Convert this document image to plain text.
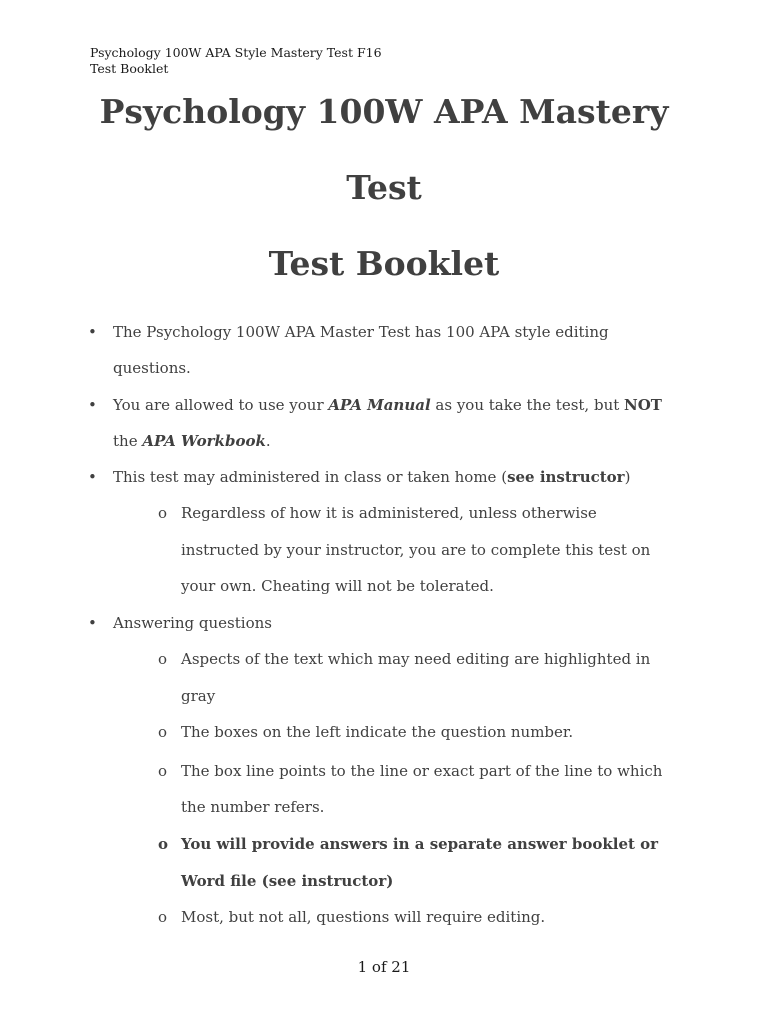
Psychology 100W APA Style Mastery Test F16
Test Booklet
Psychology 100W APA Mastery
Test
Test Booklet
• The Psychology 100W APA Master Test has 100 APA style editing
questions.
• You are allowed to use your APA Manual as you take the test, but NOT
the APA Workbook.
• This test may administered in class or taken home (see instructor)
o Regardless of how it is administered, unless otherwise
instructed by your instructor, you are to complete this test on
your own. Cheating will not be tolerated.
• Answering questions
o Aspects of the text which may need editing are highlighted in
gray
o The boxes on the left indicate the question number.
o The box line points to the line or exact part of the line to which
the number refers.
o You will provide answers in a separate answer booklet or
Word file (see instructor)
o Most, but not all, questions will require editing.
1 of 21
